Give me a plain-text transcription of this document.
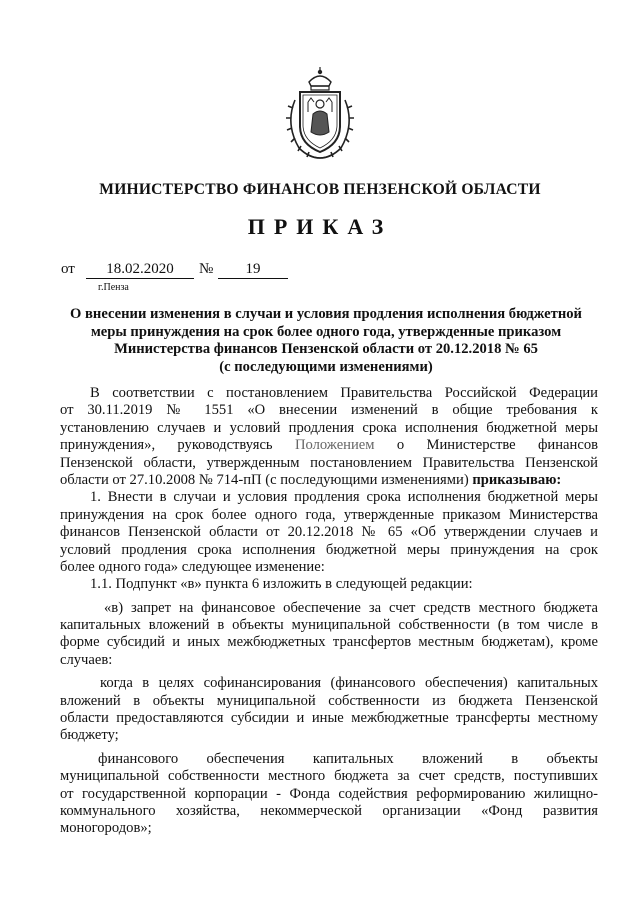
МИНИСТЕРСТВО ФИНАНСОВ ПЕНЗЕНСКОЙ ОБЛАСТИ
ПРИКАЗ
от	18.02.2020	№	19
г.Пенза
О внесении изменения в случаи и условия продления исполнения бюджетной
меры принуждения на срок более одного года, утвержденные приказом
Министерства финансов Пензенской области от 20.12.2018 № 65
(с последующими изменениями)
В соответствии с постановлением Правительства Российской Федерации
от 30.11.2019 № 1551 «О внесении изменений в общие требования к
установлению случаев и условий продления срока исполнения бюджетной меры
принуждения», руководствуясь Положением о Министерстве финансов
Пензенской области, утвержденным постановлением Правительства Пензенской
области от 27.10.2008 № 714-пП (с последующими изменениями) приказываю:
1. Внести в случаи и условия продления срока исполнения бюджетной меры
принуждения на срок более одного года, утвержденные приказом Министерства
финансов Пензенской области от 20.12.2018 № 65 «Об утверждении случаев и
условий продления срока исполнения бюджетной меры принуждения на срок
более одного года» следующее изменение:
1.1. Подпункт «в» пункта 6 изложить в следующей редакции:
«в) запрет на финансовое обеспечение за счет средств местного бюджета
капитальных вложений в объекты муниципальной собственности (в том числе в
форме субсидий и иных межбюджетных трансфертов местным бюджетам), кроме
случаев:
когда в целях софинансирования (финансового обеспечения) капитальных
вложений в объекты муниципальной собственности из бюджета Пензенской
области предоставляются субсидии и иные межбюджетные трансферты местному
бюджету;
финансового обеспечения капитальных вложений в объекты
муниципальной собственности местного бюджета за счет средств, поступивших
от государственной корпорации - Фонда содействия реформированию жилищно-
коммунального хозяйства, некоммерческой организации «Фонд развития
моногородов»;
